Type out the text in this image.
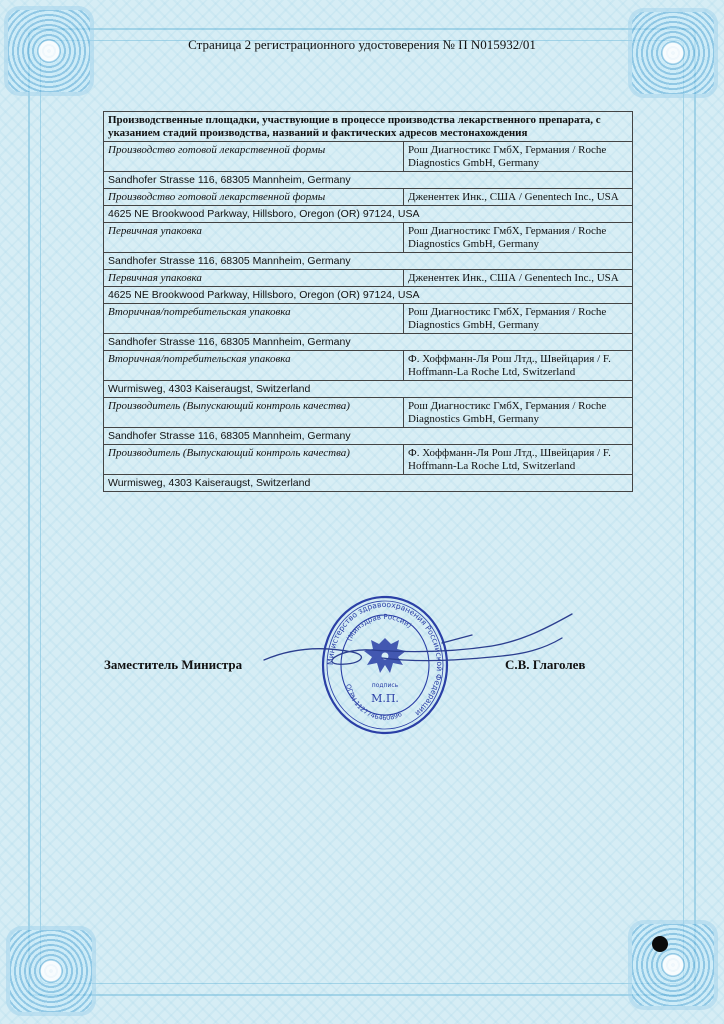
Страница 2 регистрационного удостоверения № П N015932/01
Производственные площадки, участвующие в процессе производства лекарственного препарата, с указанием стадий производства, названий и фактических адресов местонахождения	
Производство готовой лекарственной формы	Рош Диагностикс ГмбХ, Германия / Roche Diagnostics GmbH, Germany
Sandhofer Strasse 116, 68305 Mannheim, Germany	
Производство готовой лекарственной формы	Дженентек Инк., США / Genentech Inc., USA
4625 NE Brookwood Parkway, Hillsboro, Oregon (OR) 97124, USA	
Первичная упаковка	Рош Диагностикс ГмбХ, Германия / Roche Diagnostics GmbH, Germany
Sandhofer Strasse 116, 68305 Mannheim, Germany	
Первичная упаковка	Дженентек Инк., США / Genentech Inc., USA
4625 NE Brookwood Parkway, Hillsboro, Oregon (OR) 97124, USA	
Вторичная/потребительская упаковка	Рош Диагностикс ГмбХ, Германия / Roche Diagnostics GmbH, Germany
Sandhofer Strasse 116, 68305 Mannheim, Germany	
Вторичная/потребительская упаковка	Ф. Хоффманн-Ля Рош Лтд., Швейцария / F. Hoffmann-La Roche Ltd, Switzerland
Wurmisweg, 4303 Kaiseraugst, Switzerland	
Производитель (Выпускающий контроль качества)	Рош Диагностикс ГмбХ, Германия / Roche Diagnostics GmbH, Germany
Sandhofer Strasse 116, 68305 Mannheim, Germany	
Производитель (Выпускающий контроль качества)	Ф. Хоффманн-Ля Рош Лтд., Швейцария / F. Hoffmann-La Roche Ltd, Switzerland
Wurmisweg, 4303 Kaiseraugst, Switzerland	
Заместитель Министра	С.В. Глаголев
Министерство здравоохранения Российской Федерации
(Минздрав России)
ОГРН 1127746460896
подпись
М.П.
